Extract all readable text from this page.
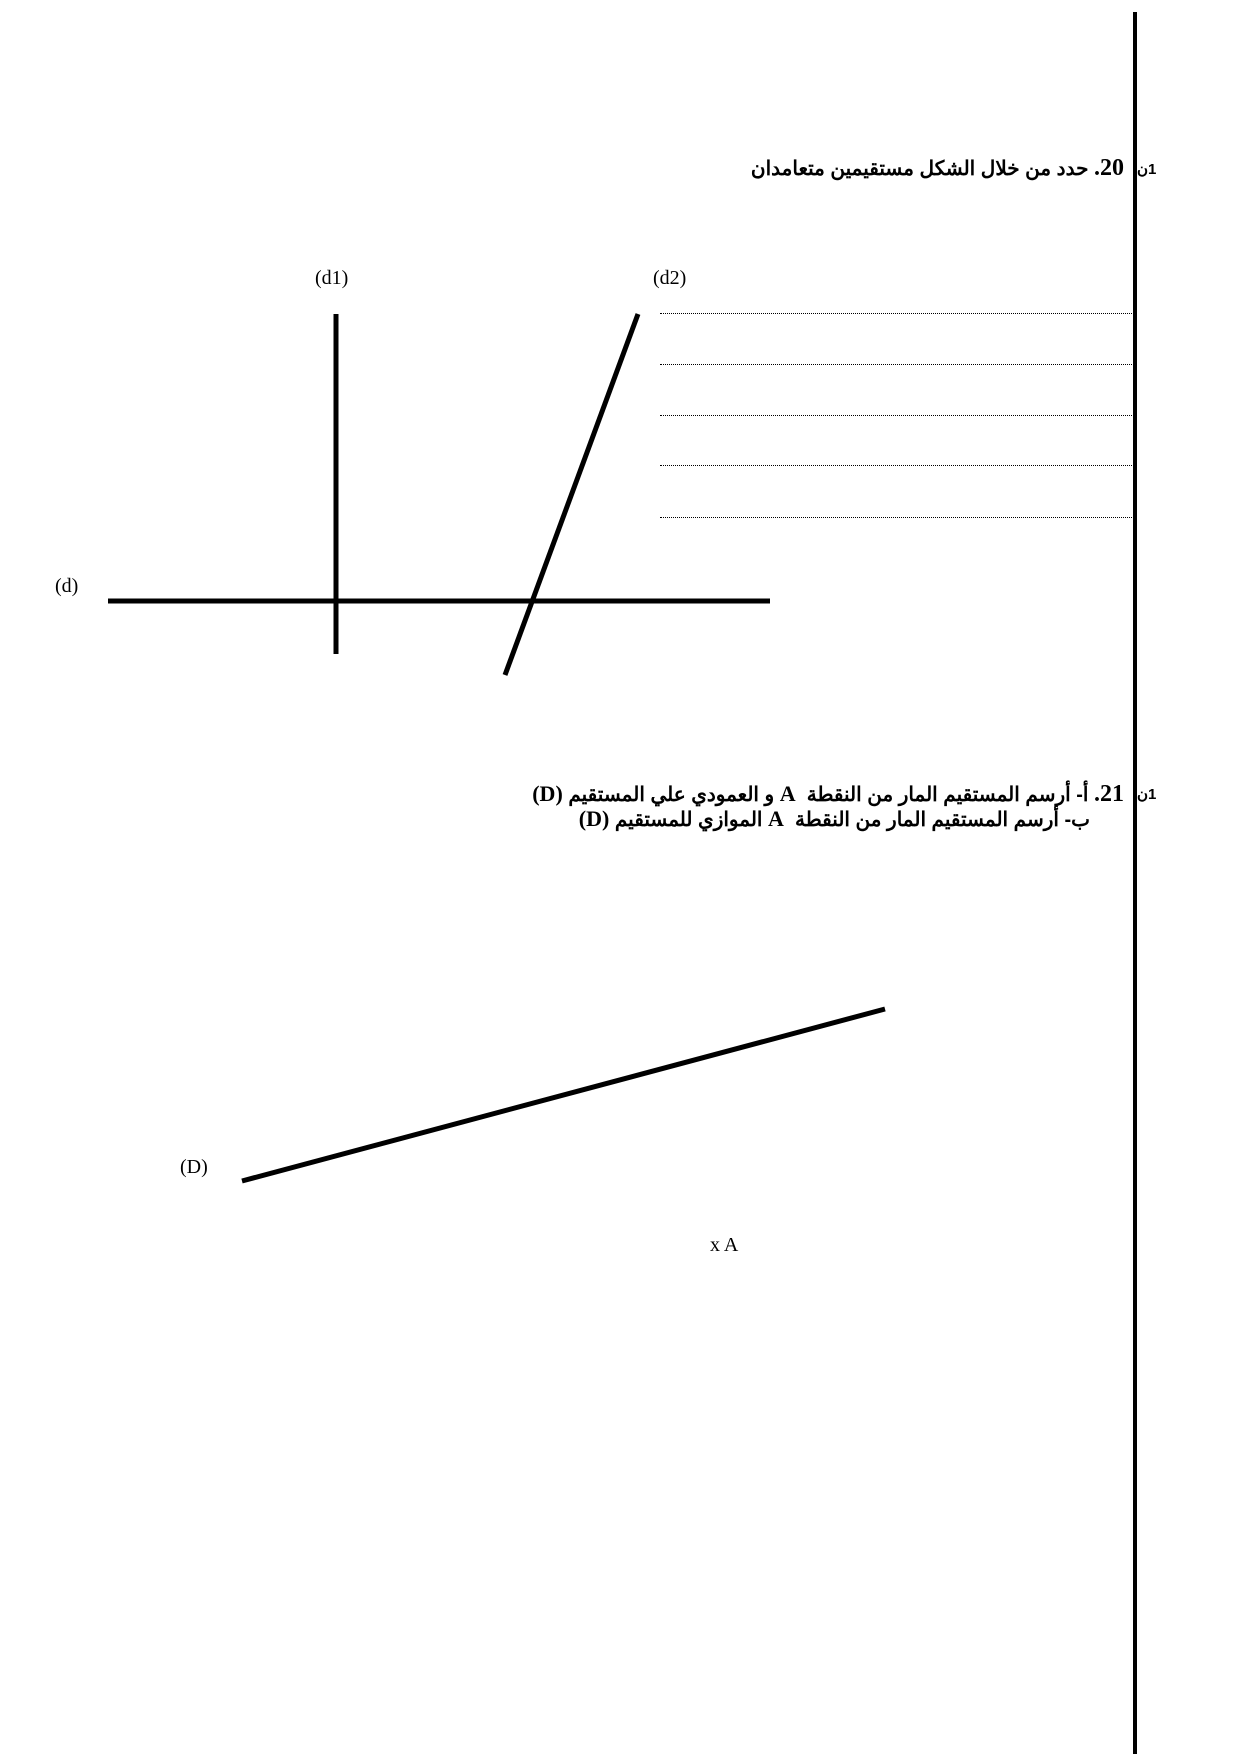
1ن
20. حدد من خلال الشكل مستقيمين متعامدان
(d1)	(d2)
(d)
1ن
21. أ- أرسم المستقيم المار من النقطة  A و العمودي علي المستقيم (D)
ب- أرسم المستقيم المار من النقطة  A الموازي للمستقيم (D)
(D)
x A
